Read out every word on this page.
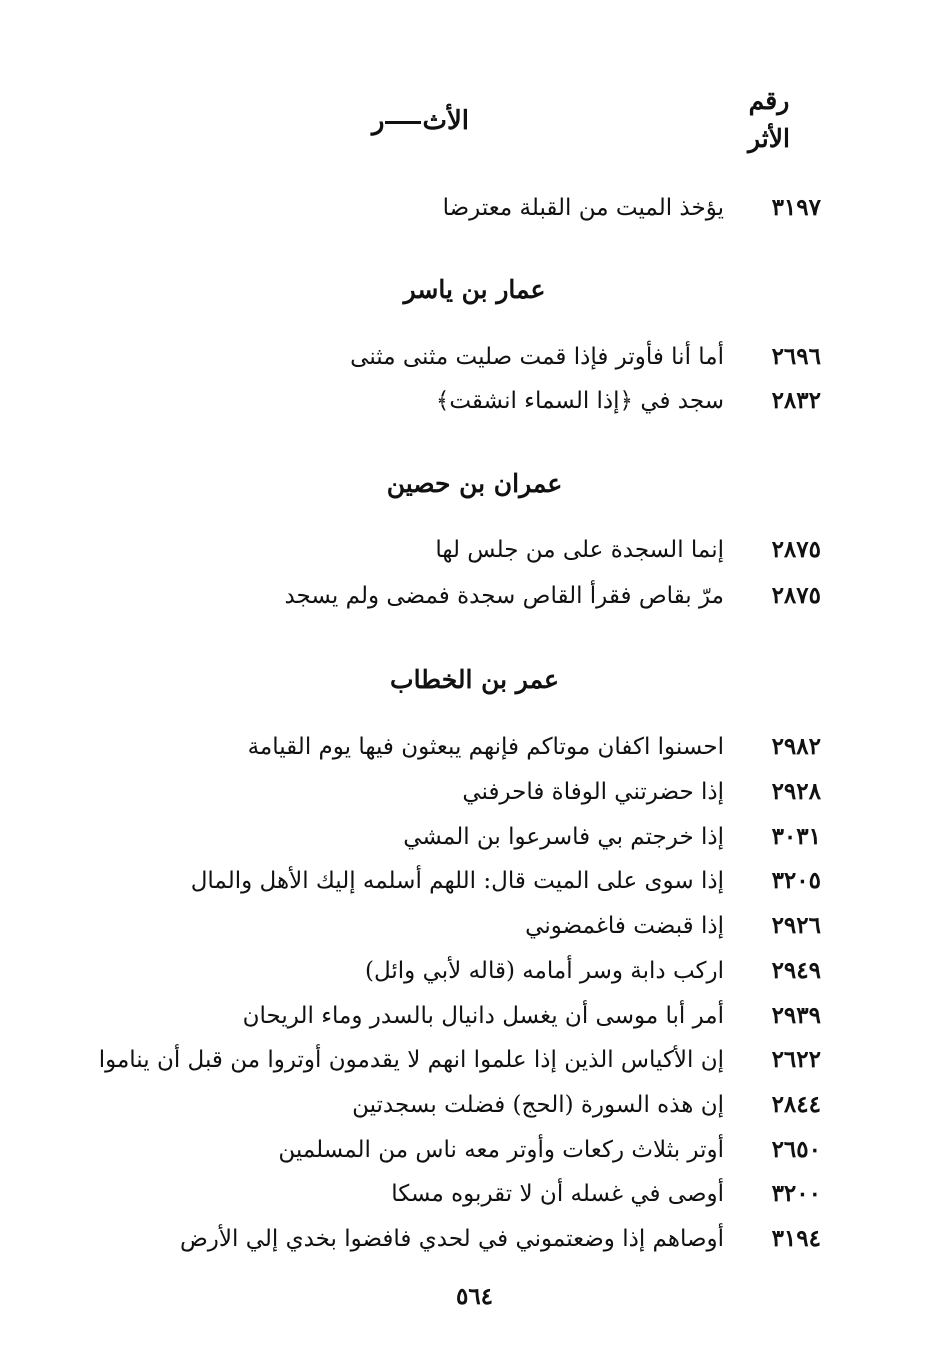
رقم
الأثر
الأثر
٣١٩٧
يؤخذ الميت من القبلة معترضا
عمار بن ياسر
٢٦٩٦
أما أنا فأوتر فإذا قمت صليت مثنى مثنى
٢٨٣٢
سجد في ﴿إذا السماء انشقت﴾
عمران بن حصين
٢٨٧٥
إنما السجدة على من جلس لها
٢٨٧٥
مرّ بقاص فقرأ القاص سجدة فمضى ولم يسجد
عمر بن الخطاب
٢٩٨٢
احسنوا اكفان موتاكم فإنهم يبعثون فيها يوم القيامة
٢٩٢٨
إذا حضرتني الوفاة فاحرفني
٣٠٣١
إذا خرجتم بي فاسرعوا بن المشي
٣٢٠٥
إذا سوى على الميت قال: اللهم أسلمه إليك الأهل والمال
٢٩٢٦
إذا قبضت فاغمضوني
٢٩٤٩
اركب دابة وسر أمامه (قاله لأبي وائل)
٢٩٣٩
أمر أبا موسى أن يغسل دانيال بالسدر وماء الريحان
٢٦٢٢
إن الأكياس الذين إذا علموا انهم لا يقدمون أوتروا من قبل أن يناموا
٢٨٤٤
إن هذه السورة (الحج) فضلت بسجدتين
٢٦٥٠
أوتر بثلاث ركعات وأوتر معه ناس من المسلمين
٣٢٠٠
أوصى في غسله أن لا تقربوه مسكا
٣١٩٤
أوصاهم إذا وضعتموني في لحدي فافضوا بخدي إلي الأرض
٥٦٤
